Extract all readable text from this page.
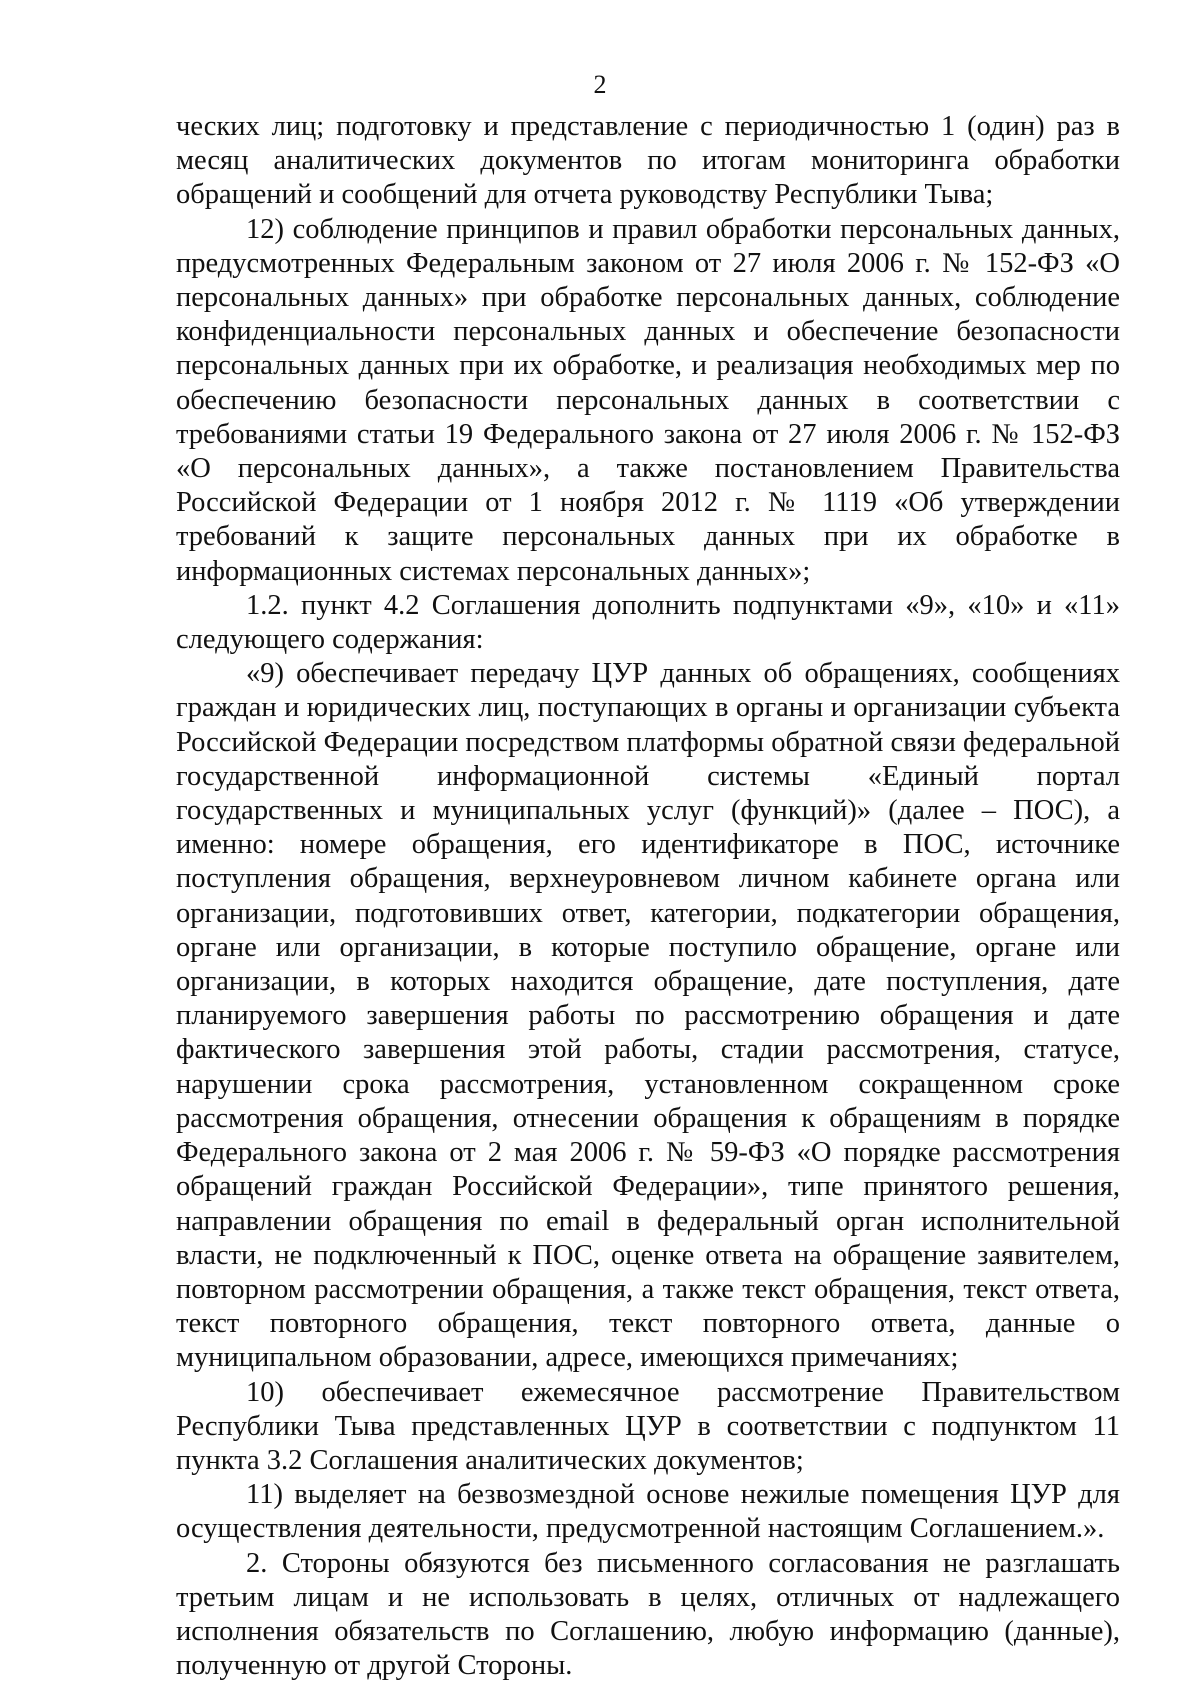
2

ческих лиц; подготовку и представление с периодичностью 1 (один) раз в месяц аналитических документов по итогам мониторинга обработки обращений и сообщений для отчета руководству Республики Тыва;

12) соблюдение принципов и правил обработки персональных данных, предусмотренных Федеральным законом от 27 июля 2006 г. № 152-ФЗ «О персональных данных» при обработке персональных данных, соблюдение конфиденциальности персональных данных и обеспечение безопасности персональных данных при их обработке, и реализация необходимых мер по обеспечению безопасности персональных данных в соответствии с требованиями статьи 19 Федерального закона от 27 июля 2006 г. № 152-ФЗ «О персональных данных», а также постановлением Правительства Российской Федерации от 1 ноября 2012 г. № 1119 «Об утверждении требований к защите персональных данных при их обработке в информационных системах персональных данных»;

1.2. пункт 4.2 Соглашения дополнить подпунктами «9», «10» и «11» следующего содержания:

«9) обеспечивает передачу ЦУР данных об обращениях, сообщениях граждан и юридических лиц, поступающих в органы и организации субъекта Российской Федерации посредством платформы обратной связи федеральной государственной информационной системы «Единый портал государственных и муниципальных услуг (функций)» (далее – ПОС), а именно: номере обращения, его идентификаторе в ПОС, источнике поступления обращения, верхнеуровневом личном кабинете органа или организации, подготовивших ответ, категории, подкатегории обращения, органе или организации, в которые поступило обращение, органе или организации, в которых находится обращение, дате поступления, дате планируемого завершения работы по рассмотрению обращения и дате фактического завершения этой работы, стадии рассмотрения, статусе, нарушении срока рассмотрения, установленном сокращенном сроке рассмотрения обращения, отнесении обращения к обращениям в порядке Федерального закона от 2 мая 2006 г. № 59-ФЗ «О порядке рассмотрения обращений граждан Российской Федерации», типе принятого решения, направлении обращения по email в федеральный орган исполнительной власти, не подключенный к ПОС, оценке ответа на обращение заявителем, повторном рассмотрении обращения, а также текст обращения, текст ответа, текст повторного обращения, текст повторного ответа, данные о муниципальном образовании, адресе, имеющихся примечаниях;

10) обеспечивает ежемесячное рассмотрение Правительством Республики Тыва представленных ЦУР в соответствии с подпунктом 11 пункта 3.2 Соглашения аналитических документов;

11) выделяет на безвозмездной основе нежилые помещения ЦУР для осуществления деятельности, предусмотренной настоящим Соглашением.».

2. Стороны обязуются без письменного согласования не разглашать третьим лицам и не использовать в целях, отличных от надлежащего исполнения обязательств по Соглашению, любую информацию (данные), полученную от другой Стороны.
